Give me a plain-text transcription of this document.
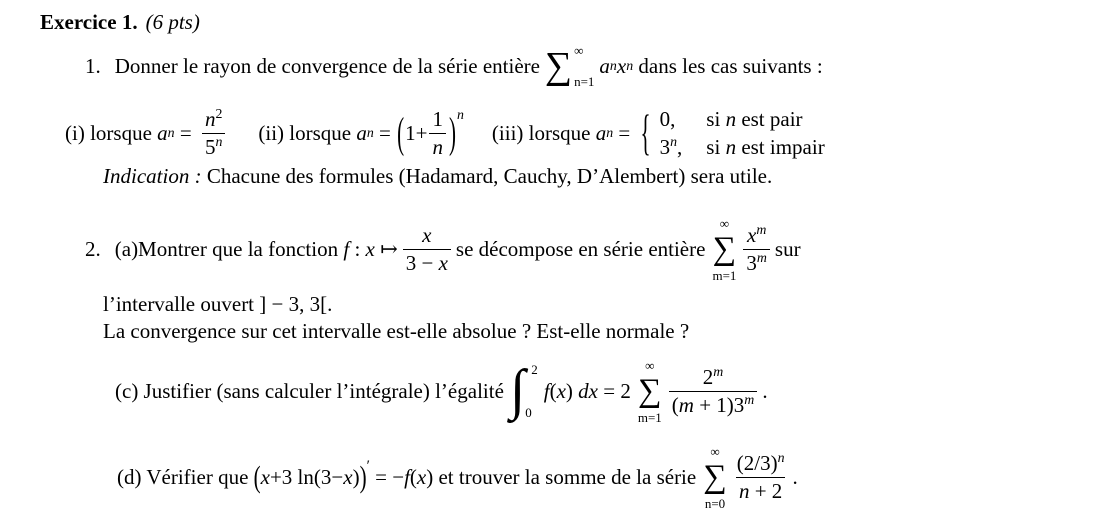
Exercice 1. (6 pts)
1. Donner le rayon de convergence de la série entière ∑ ∞
n=1
a n x n dans les cas suivants :
(i) lorsque a $n = \frac{n^2}{5^n} (ii)$ lorsque a n = ( $1+ \frac{1}{n}$ ) n
(iii) lorsque a n = { 0,	si n est pair
3$^n$, si n est impair
Indication : Chacune des formules (Hadamard, Cauchy, D’Alembert) sera utile.
2. (a)Montrer que la fonction f : x ↦ $\frac{x}{3 - x}$ se décompose en série entière
∞
∑
$m=1 \frac{x^m}{3^m}$ sur
l’intervalle ouvert ] − 3, 3[.
La convergence sur cet intervalle est-elle absolue ? Est-elle normale ?
(c) Justifier (sans calculer l’intégrale) l’égalité ∫ 2
0
f ( x ) dx = 2
∞
∑
$m=1 \frac{2^m}{(m + 1)3^m}$ .
(d) Vérifier que ( x +3 ln(3− x ) ) ′ = − f ( x ) et trouver la somme de la série
∞
∑
$n=0 \frac{(2/3)^n}{n + 2}$ .
